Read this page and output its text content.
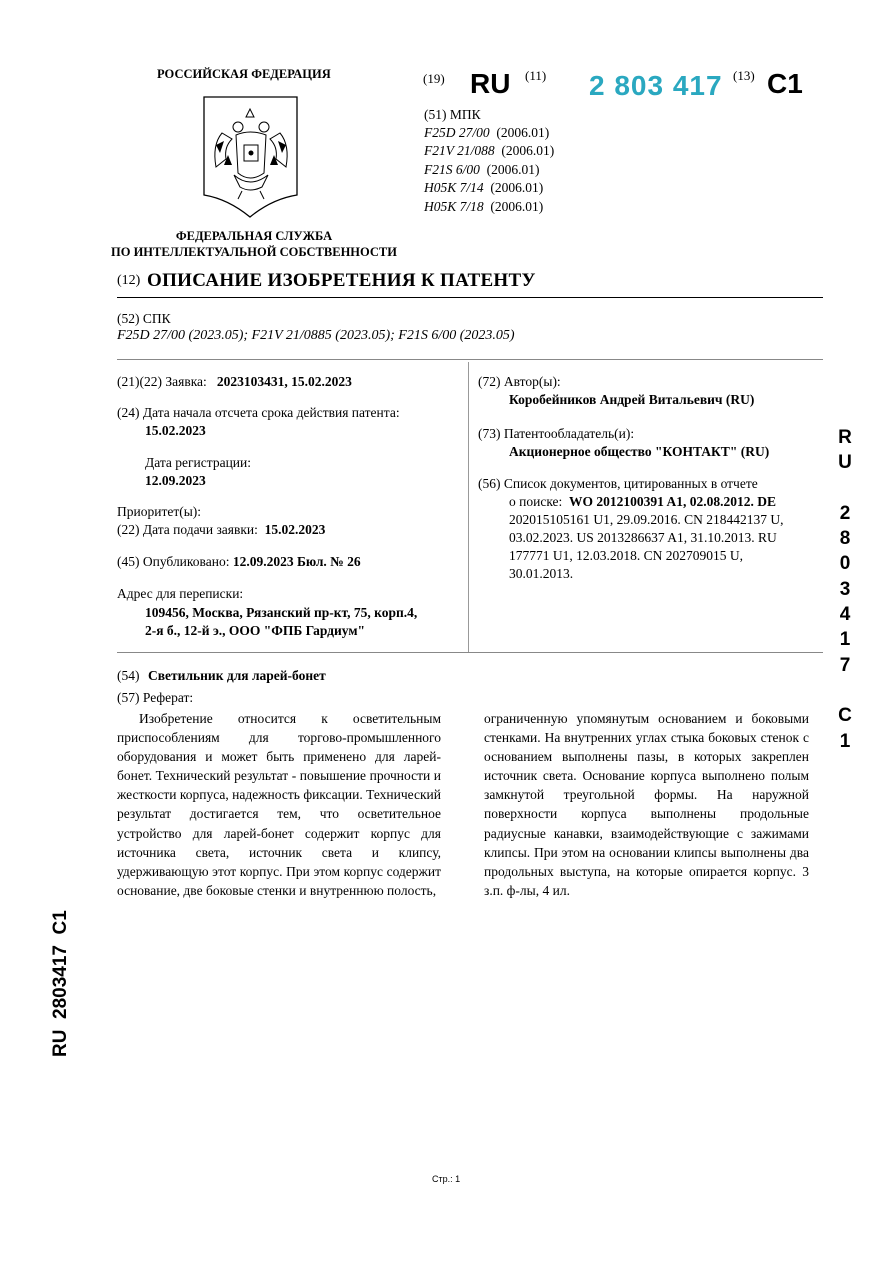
РОССИЙСКАЯ ФЕДЕРАЦИЯ
ФЕДЕРАЛЬНАЯ СЛУЖБА
ПО ИНТЕЛЛЕКТУАЛЬНОЙ СОБСТВЕННОСТИ
(19) RU (11) 2 803 417 (13) C1
(51) МПК
F25D 27/00 (2006.01)
F21V 21/088 (2006.01)
F21S 6/00 (2006.01)
H05K 7/14 (2006.01)
H05K 7/18 (2006.01)
(12) ОПИСАНИЕ ИЗОБРЕТЕНИЯ К ПАТЕНТУ
(52) СПК
F25D 27/00 (2023.05); F21V 21/0885 (2023.05); F21S 6/00 (2023.05)
(21)(22) Заявка: 2023103431, 15.02.2023
(24) Дата начала отсчета срока действия патента:
15.02.2023
Дата регистрации:
12.09.2023
Приоритет(ы):
(22) Дата подачи заявки: 15.02.2023
(45) Опубликовано: 12.09.2023 Бюл. № 26
Адрес для переписки:
109456, Москва, Рязанский пр-кт, 75, корп.4,
2-я б., 12-й э., ООО "ФПБ Гардиум"
(72) Автор(ы):
Коробейников Андрей Витальевич (RU)
(73) Патентообладатель(и):
Акционерное общество "КОНТАКТ" (RU)
(56) Список документов, цитированных в отчете
о поиске: WO 2012100391 A1, 02.08.2012. DE
202015105161 U1, 29.09.2016. CN 218442137 U,
03.02.2023. US 2013286637 A1, 31.10.2013. RU
177771 U1, 12.03.2018. CN 202709015 U,
30.01.2013.
R
U

2
8
0
3
4
1
7

C
1
RU  2803417  C1
(54) Светильник для ларей-бонет
(57) Реферат:
Изобретение относится к осветительным приспособлениям для торгово-промышленного оборудования и может быть применено для ларей-бонет. Технический результат - повышение прочности и жесткости корпуса, надежность фиксации. Технический результат достигается тем, что осветительное устройство для ларей-бонет содержит корпус для источника света, источник света и клипсу, удерживающую этот корпус. При этом корпус содержит основание, две боковые стенки и внутреннюю полость,
ограниченную упомянутым основанием и боковыми стенками. На внутренних углах стыка боковых стенок с основанием выполнены пазы, в которых закреплен источник света. Основание корпуса выполнено полым замкнутой треугольной формы. На наружной поверхности корпуса выполнены продольные радиусные канавки, взаимодействующие с зажимами клипсы. При этом на основании клипсы выполнены два продольных выступа, на которые опирается корпус. 3 з.п. ф-лы, 4 ил.
Стр.: 1
